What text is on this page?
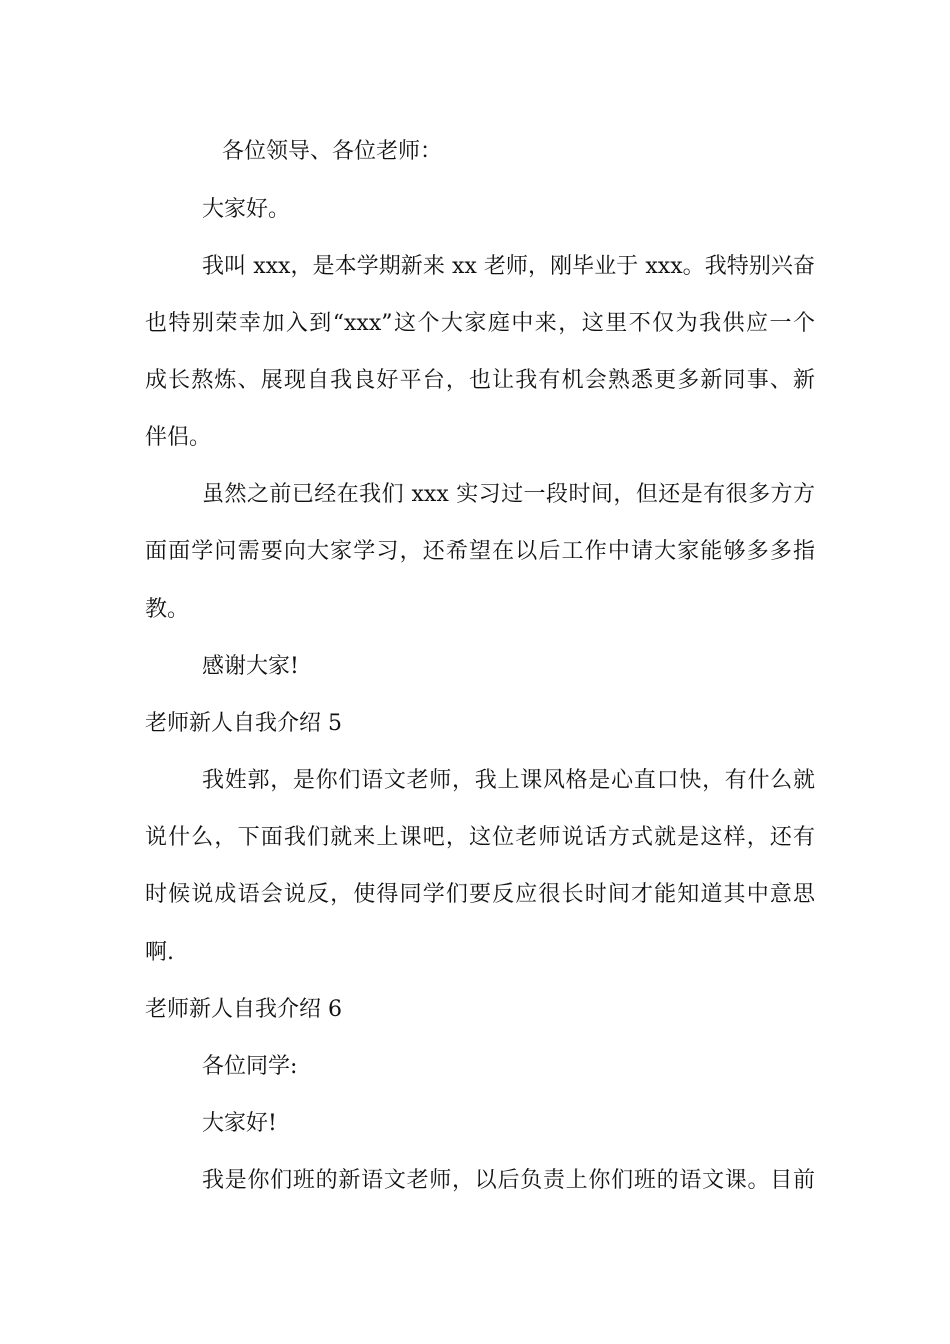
各位领导、各位老师：
大家好。
我叫 xxx，是本学期新来 xx 老师，刚毕业于 xxx。我特别兴奋
也特别荣幸加入到“xxx”这个大家庭中来，这里不仅为我供应一个
成长熬炼、展现自我良好平台，也让我有机会熟悉更多新同事、新
伴侣。
虽然之前已经在我们 xxx 实习过一段时间，但还是有很多方方
面面学问需要向大家学习，还希望在以后工作中请大家能够多多指
教。
感谢大家!
老师新人自我介绍 5
我姓郭，是你们语文老师，我上课风格是心直口快，有什么就
说什么，下面我们就来上课吧，这位老师说话方式就是这样，还有
时候说成语会说反，使得同学们要反应很长时间才能知道其中意思
啊.
老师新人自我介绍 6
各位同学:
大家好!
我是你们班的新语文老师，以后负责上你们班的语文课。目前
